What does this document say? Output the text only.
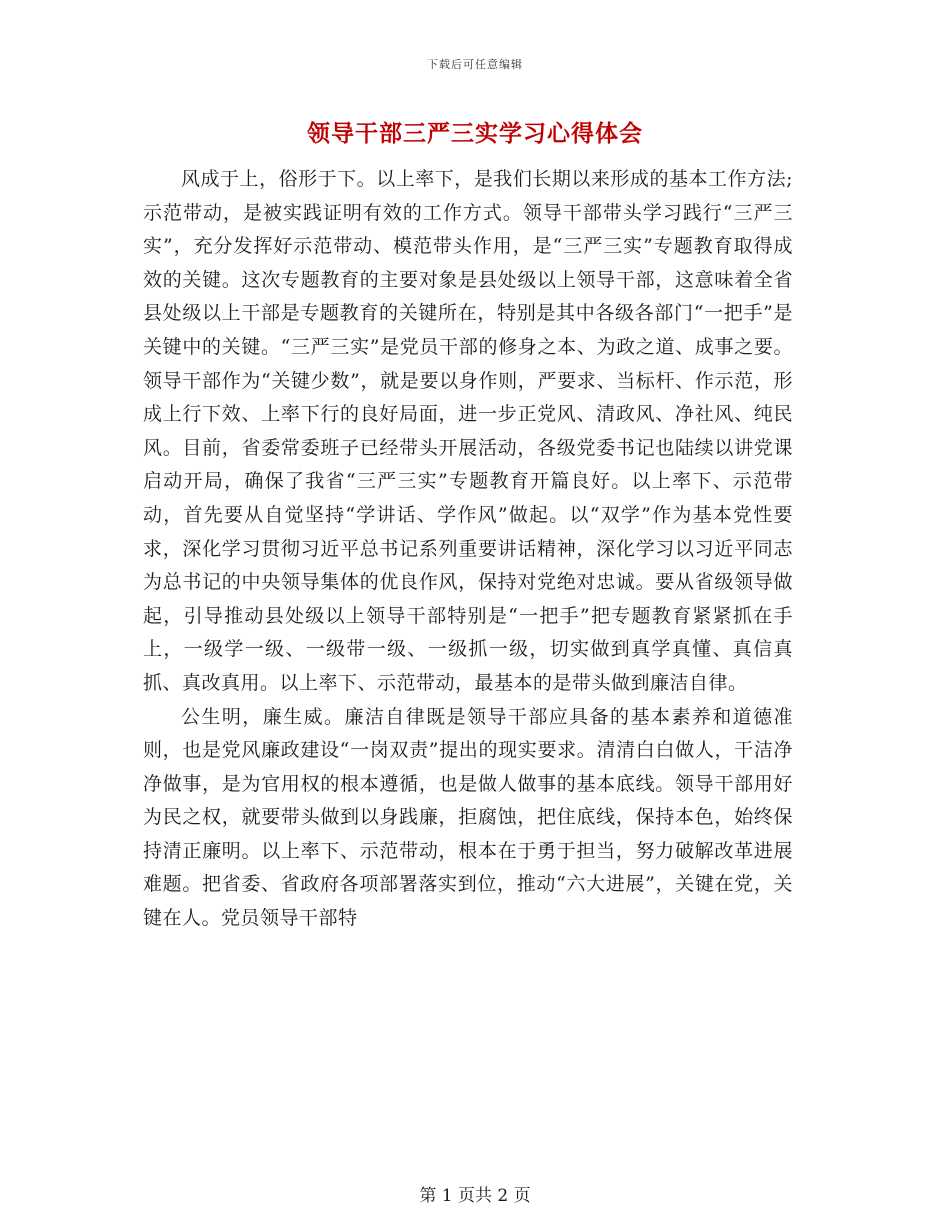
下载后可任意编辑
领导干部三严三实学习心得体会

风成于上，俗形于下。以上率下，是我们长期以来形成的基本工作方法;示范带动，是被实践证明有效的工作方式。领导干部带头学习践行“三严三实”，充分发挥好示范带动、模范带头作用，是“三严三实”专题教育取得成效的关键。这次专题教育的主要对象是县处级以上领导干部，这意味着全省县处级以上干部是专题教育的关键所在，特别是其中各级各部门“一把手”是关键中的关键。“三严三实”是党员干部的修身之本、为政之道、成事之要。领导干部作为“关键少数”，就是要以身作则，严要求、当标杆、作示范，形成上行下效、上率下行的良好局面，进一步正党风、清政风、净社风、纯民风。目前，省委常委班子已经带头开展活动，各级党委书记也陆续以讲党课启动开局，确保了我省“三严三实”专题教育开篇良好。以上率下、示范带动，首先要从自觉坚持“学讲话、学作风”做起。以“双学”作为基本党性要求，深化学习贯彻习近平总书记系列重要讲话精神，深化学习以习近平同志为总书记的中央领导集体的优良作风，保持对党绝对忠诚。要从省级领导做起，引导推动县处级以上领导干部特别是“一把手”把专题教育紧紧抓在手上，一级学一级、一级带一级、一级抓一级，切实做到真学真懂、真信真抓、真改真用。以上率下、示范带动，最基本的是带头做到廉洁自律。

公生明，廉生威。廉洁自律既是领导干部应具备的基本素养和道德准则，也是党风廉政建设“一岗双责”提出的现实要求。清清白白做人，干洁净净做事，是为官用权的根本遵循，也是做人做事的基本底线。领导干部用好为民之权，就要带头做到以身践廉，拒腐蚀，把住底线，保持本色，始终保持清正廉明。以上率下、示范带动，根本在于勇于担当，努力破解改革进展难题。把省委、省政府各项部署落实到位，推动“六大进展”，关键在党，关键在人。党员领导干部特

第 1 页共 2 页
